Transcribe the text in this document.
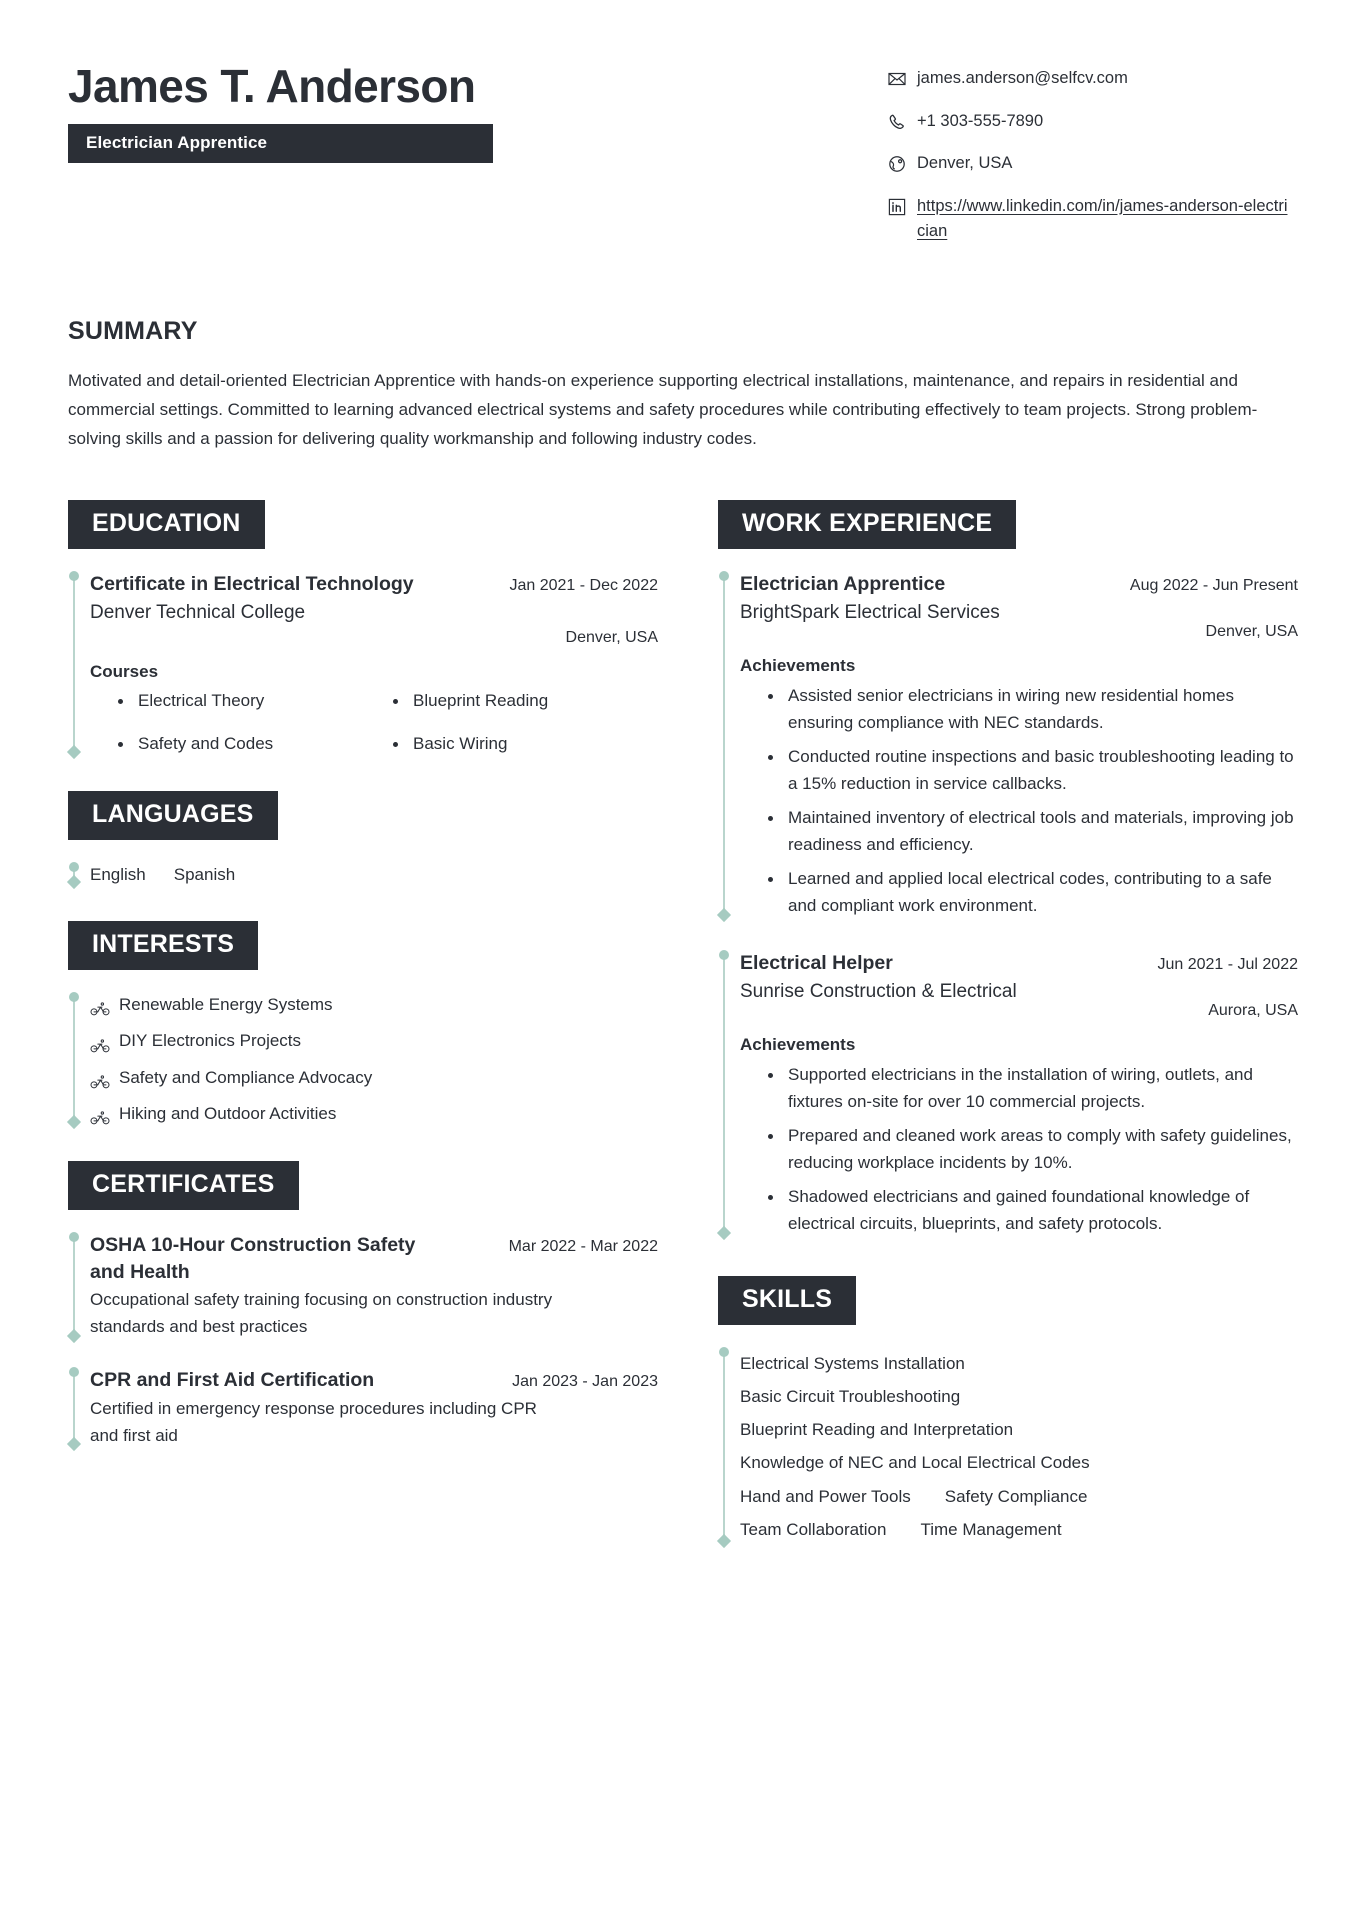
James T. Anderson
Electrician Apprentice
james.anderson@selfcv.com
+1 303-555-7890
Denver, USA
https://www.linkedin.com/in/james-anderson-electrician
SUMMARY
Motivated and detail-oriented Electrician Apprentice with hands-on experience supporting electrical installations, maintenance, and repairs in residential and commercial settings. Committed to learning advanced electrical systems and safety procedures while contributing effectively to team projects. Strong problem-solving skills and a passion for delivering quality workmanship and following industry codes.
EDUCATION
Certificate in Electrical Technology
Denver Technical College
Jan 2021 - Dec 2022
Denver, USA
Courses
Electrical Theory	Blueprint Reading
Safety and Codes	Basic Wiring
LANGUAGES
English Spanish
INTERESTS
Renewable Energy Systems
DIY Electronics Projects
Safety and Compliance Advocacy
Hiking and Outdoor Activities
CERTIFICATES
OSHA 10-Hour Construction Safety and Health
Mar 2022 - Mar 2022
Occupational safety training focusing on construction industry standards and best practices
CPR and First Aid Certification	Jan 2023 - Jan 2023
Certified in emergency response procedures including CPR and first aid
WORK EXPERIENCE
Electrician Apprentice
BrightSpark Electrical Services
Aug 2022 - Jun Present
Denver, USA
Achievements
Assisted senior electricians in wiring new residential homes ensuring compliance with NEC standards.
Conducted routine inspections and basic troubleshooting leading to a 15% reduction in service callbacks.
Maintained inventory of electrical tools and materials, improving job readiness and efficiency.
Learned and applied local electrical codes, contributing to a safe and compliant work environment.
Electrical Helper
Sunrise Construction & Electrical
Jun 2021 - Jul 2022
Aurora, USA
Achievements
Supported electricians in the installation of wiring, outlets, and fixtures on-site for over 10 commercial projects.
Prepared and cleaned work areas to comply with safety guidelines, reducing workplace incidents by 10%.
Shadowed electricians and gained foundational knowledge of electrical circuits, blueprints, and safety protocols.
SKILLS
Electrical Systems Installation
Basic Circuit Troubleshooting
Blueprint Reading and Interpretation
Knowledge of NEC and Local Electrical Codes
Hand and Power Tools Safety Compliance
Team Collaboration Time Management
